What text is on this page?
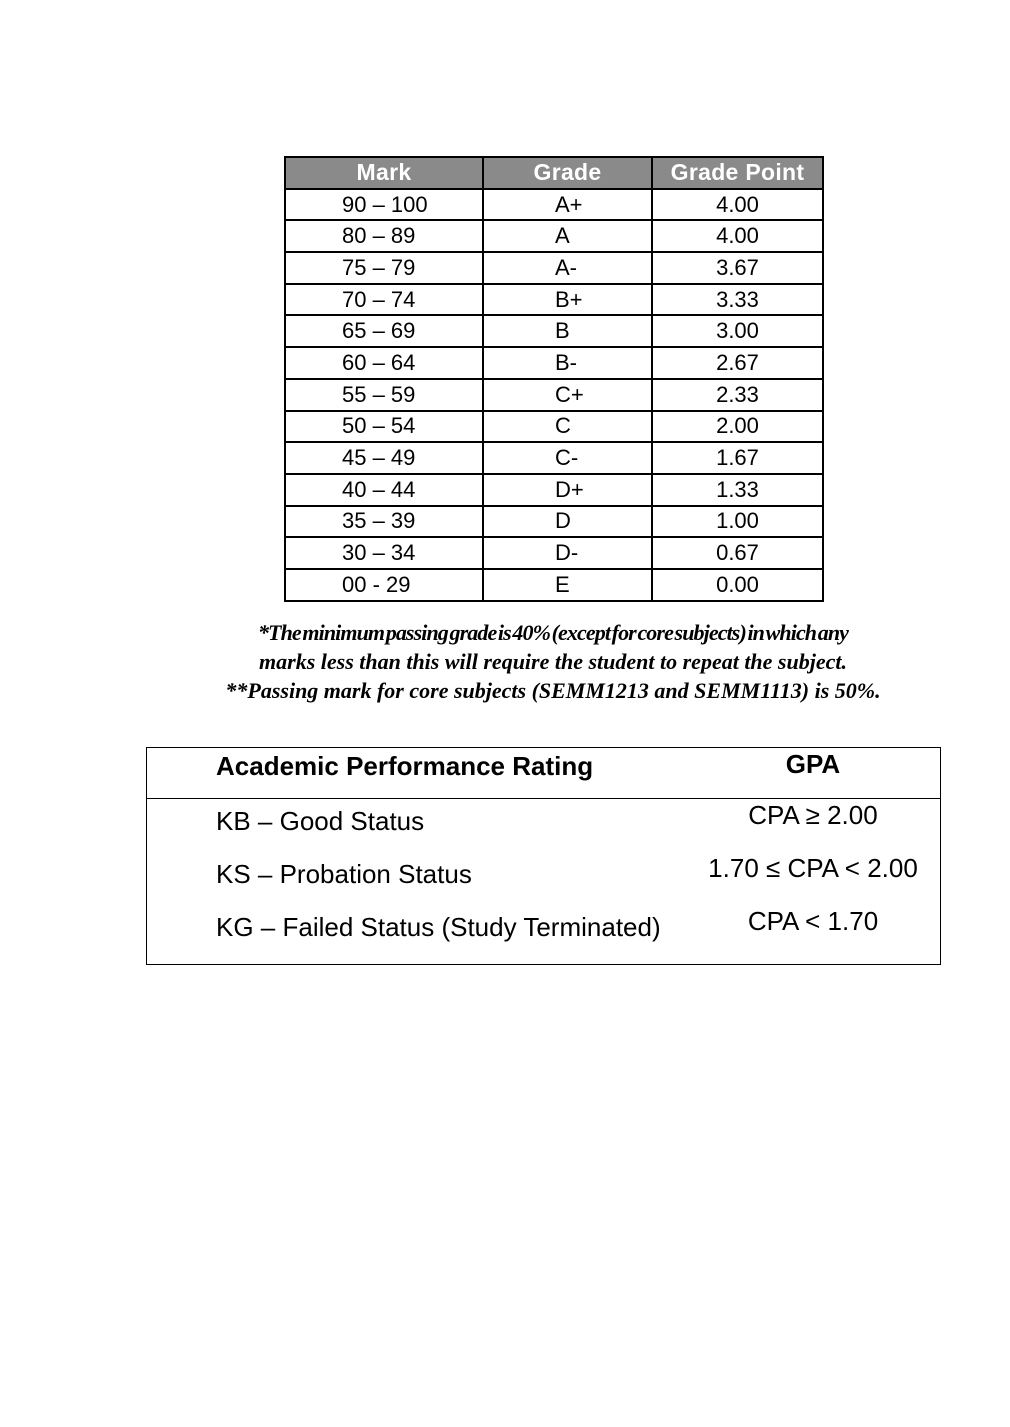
Mark	Grade	Grade Point
90 – 100	A+	4.00
80 – 89	A	4.00
75 – 79	A-	3.67
70 – 74	B+	3.33
65 – 69	B	3.00
60 – 64	B-	2.67
55 – 59	C+	2.33
50 – 54	C	2.00
45 – 49	C-	1.67
40 – 44	D+	1.33
35 – 39	D	1.00
30 – 34	D-	0.67
00 - 29	E	0.00

*The minimum passing grade is 40% (except for core subjects) in which any

marks less than this will require the student to repeat the subject.

**Passing mark for core subjects (SEMM1213 and SEMM1113) is 50%.

Academic Performance Rating	GPA
KB – Good Status	CPA ≥ 2.00
KS – Probation Status	1.70 ≤ CPA < 2.00
KG – Failed Status (Study Terminated)	CPA < 1.70
